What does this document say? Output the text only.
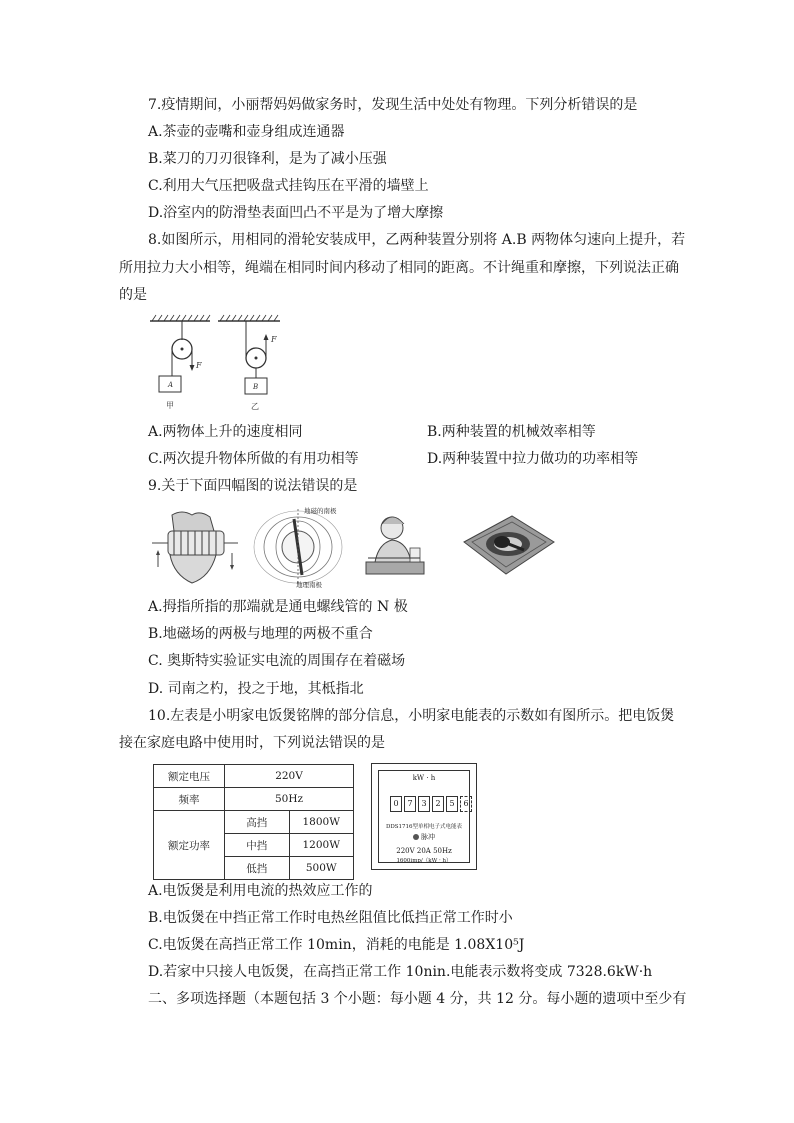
7.疫情期间，小丽帮妈妈做家务时，发现生活中处处有物理。下列分析错误的是
A.茶壶的壶嘴和壶身组成连通器
B.菜刀的刀刃很锋利，是为了减小压强
C.利用大气压把吸盘式挂钩压在平滑的墙壁上
D.浴室内的防滑垫表面凹凸不平是为了增大摩擦
8.如图所示，用相同的滑轮安装成甲，乙两种装置分别将 A.B 两物体匀速向上提升，若
所用拉力大小相等，绳端在相同时间内移动了相同的距离。不计绳重和摩擦，下列说法正确
的是
F
A
甲
F
B
乙
A.两物体上升的速度相同	B.两种装置的机械效率相等
C.两次提升物体所做的有用功相等	D.两种装置中拉力做功的功率相等
9.关于下面四幅图的说法错误的是
地磁的南极
地理南极
A.拇指所指的那端就是通电螺线管的 N 极
B.地磁场的两极与地理的两极不重合
C. 奥斯特实验证实电流的周围存在着磁场
D. 司南之杓，投之于地，其柢指北
10.左表是小明家电饭煲铭牌的部分信息，小明家电能表的示数如有图所示。把电饭煲
接在家庭电路中使用时，下列说法错误的是
额定电压	220V	
频率	50Hz	
额定功率	高挡	1800W
	中挡	1200W
	低挡	500W
kW · h
0	7	3	2	5	6
DDS1716型单相电子式电能表
脉冲
220V 20A 50Hz
1600imp/（kW · h）
A.电饭煲是利用电流的热效应工作的
B.电饭煲在中挡正常工作时电热丝阻值比低挡正常工作时小
C.电饭煲在高挡正常工作 10min，消耗的电能是 1.08X10⁵J
D.若家中只接人电饭煲，在高挡正常工作 10nin.电能表示数将变成 7328.6kW·h
二、多项选择题（本题包括 3 个小题：每小题 4 分，共 12 分。每小题的遗项中至少有
